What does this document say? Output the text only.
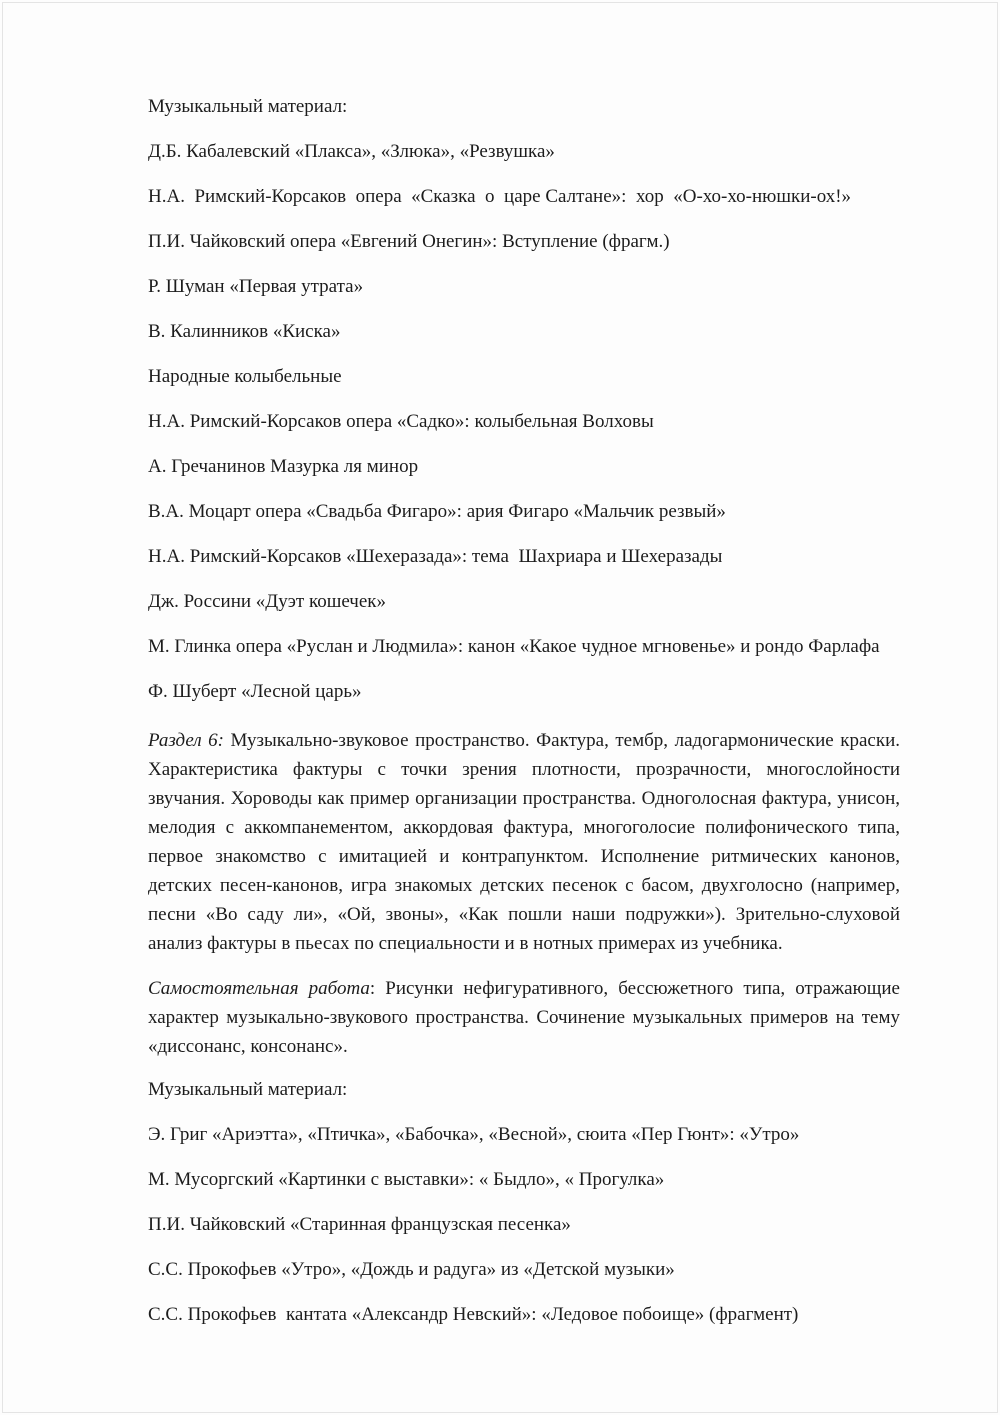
Музыкальный материал:

Д.Б. Кабалевский «Плакса», «Злюка», «Резвушка»

Н.А.  Римский-Корсаков  опера  «Сказка  о  царе Салтане»:  хор  «О-хо-хо-нюшки-ох!»

П.И. Чайковский опера «Евгений Онегин»: Вступление (фрагм.)

Р. Шуман «Первая утрата»

В. Калинников «Киска»

Народные колыбельные

Н.А. Римский-Корсаков опера «Садко»: колыбельная Волховы

А. Гречанинов Мазурка ля минор

В.А. Моцарт опера «Свадьба Фигаро»: ария Фигаро «Мальчик резвый»

Н.А. Римский-Корсаков «Шехеразада»: тема  Шахриара и Шехеразады

Дж. Россини «Дуэт кошечек»

М. Глинка опера «Руслан и Людмила»: канон «Какое чудное мгновенье» и рондо Фарлафа

Ф. Шуберт «Лесной царь»

Раздел 6: Музыкально-звуковое пространство. Фактура, тембр, ладогармонические краски. Характеристика фактуры с точки зрения плотности, прозрачности, многослойности звучания. Хороводы как пример организации пространства. Одноголосная фактура, унисон, мелодия с аккомпанементом, аккордовая фактура, многоголосие полифонического типа, первое знакомство с имитацией и контрапунктом. Исполнение ритмических канонов, детских песен-канонов, игра знакомых детских песенок с басом, двухголосно (например, песни «Во саду ли», «Ой, звоны», «Как пошли наши подружки»). Зрительно-слуховой анализ фактуры в пьесах по специальности и в нотных примерах из учебника.

Самостоятельная работа: Рисунки нефигуративного, бессюжетного типа, отражающие характер музыкально-звукового пространства. Сочинение музыкальных примеров на тему «диссонанс, консонанс».

Музыкальный материал:

Э. Григ «Ариэтта», «Птичка», «Бабочка», «Весной», сюита «Пер Гюнт»: «Утро»

М. Мусоргский «Картинки с выставки»: « Быдло», « Прогулка»

П.И. Чайковский «Старинная французская песенка»

С.С. Прокофьев «Утро», «Дождь и радуга» из «Детской музыки»

С.С. Прокофьев  кантата «Александр Невский»: «Ледовое побоище» (фрагмент)
